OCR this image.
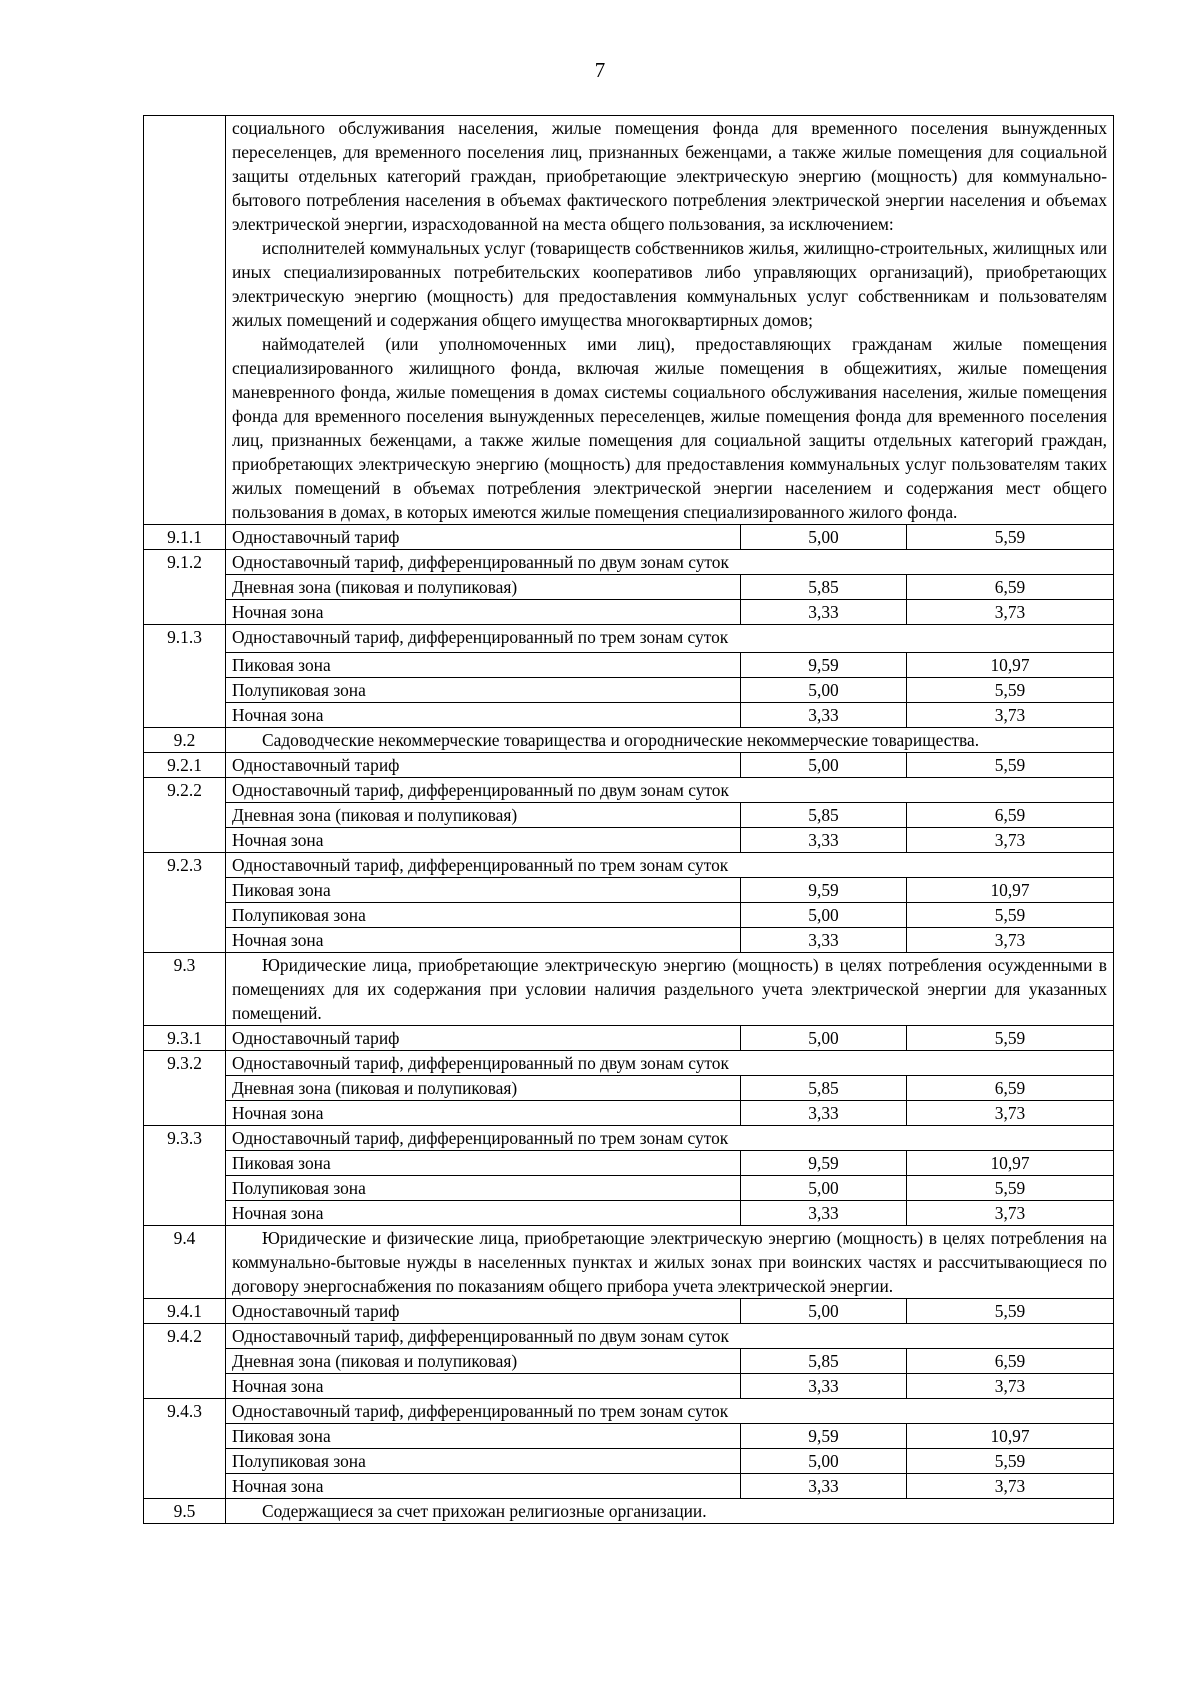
7

	социального обслуживания населения, жилые помещения фонда для временного поселения вынужденных переселенцев, для временного поселения лиц, признанных беженцами, а также жилые помещения для социальной защиты отдельных категорий граждан, приобретающие электрическую энергию (мощность) для коммунально-бытового потребления населения в объемах фактического потребления электрической энергии населения и объемах электрической энергии, израсходованной на места общего пользования, за исключением:

исполнителей коммунальных услуг (товариществ собственников жилья, жилищно-строительных, жилищных или иных специализированных потребительских кооперативов либо управляющих организаций), приобретающих электрическую энергию (мощность) для предоставления коммунальных услуг собственникам и пользователям жилых помещений и содержания общего имущества многоквартирных домов;

наймодателей (или уполномоченных ими лиц), предоставляющих гражданам жилые помещения специализированного жилищного фонда, включая жилые помещения в общежитиях, жилые помещения маневренного фонда, жилые помещения в домах системы социального обслуживания населения, жилые помещения фонда для временного поселения вынужденных переселенцев, жилые помещения фонда для временного поселения лиц, признанных беженцами, а также жилые помещения для социальной защиты отдельных категорий граждан, приобретающих электрическую энергию (мощность) для предоставления коммунальных услуг пользователям таких жилых помещений в объемах потребления электрической энергии населением и содержания мест общего пользования в домах, в которых имеются жилые помещения специализированного жилого фонда.		

9.1.1	Одноставочный тариф	5,00	5,59
9.1.2	Одноставочный тариф, дифференцированный по двум зонам суток		
	Дневная зона (пиковая и полупиковая)	5,85	6,59
	Ночная зона	3,33	3,73
9.1.3	Одноставочный тариф, дифференцированный по трем зонам суток		
	Пиковая зона	9,59	10,97
	Полупиковая зона	5,00	5,59
	Ночная зона	3,33	3,73
9.2	Садоводческие некоммерческие товарищества и огороднические некоммерческие товарищества.		
9.2.1	Одноставочный тариф	5,00	5,59
9.2.2	Одноставочный тариф, дифференцированный по двум зонам суток		
	Дневная зона (пиковая и полупиковая)	5,85	6,59
	Ночная зона	3,33	3,73
9.2.3	Одноставочный тариф, дифференцированный по трем зонам суток		
	Пиковая зона	9,59	10,97
	Полупиковая зона	5,00	5,59
	Ночная зона	3,33	3,73
9.3	Юридические лица, приобретающие электрическую энергию (мощность) в целях потребления осужденными в помещениях для их содержания при условии наличия раздельного учета электрической энергии для указанных помещений.		
9.3.1	Одноставочный тариф	5,00	5,59
9.3.2	Одноставочный тариф, дифференцированный по двум зонам суток		
	Дневная зона (пиковая и полупиковая)	5,85	6,59
	Ночная зона	3,33	3,73
9.3.3	Одноставочный тариф, дифференцированный по трем зонам суток		
	Пиковая зона	9,59	10,97
	Полупиковая зона	5,00	5,59
	Ночная зона	3,33	3,73
9.4	Юридические и физические лица, приобретающие электрическую энергию (мощность) в целях потребления на коммунально-бытовые нужды в населенных пунктах и жилых зонах при воинских частях и рассчитывающиеся по договору энергоснабжения по показаниям общего прибора учета электрической энергии.		
9.4.1	Одноставочный тариф	5,00	5,59
9.4.2	Одноставочный тариф, дифференцированный по двум зонам суток		
	Дневная зона (пиковая и полупиковая)	5,85	6,59
	Ночная зона	3,33	3,73
9.4.3	Одноставочный тариф, дифференцированный по трем зонам суток		
	Пиковая зона	9,59	10,97
	Полупиковая зона	5,00	5,59
	Ночная зона	3,33	3,73
9.5	Содержащиеся за счет прихожан религиозные организации.		
